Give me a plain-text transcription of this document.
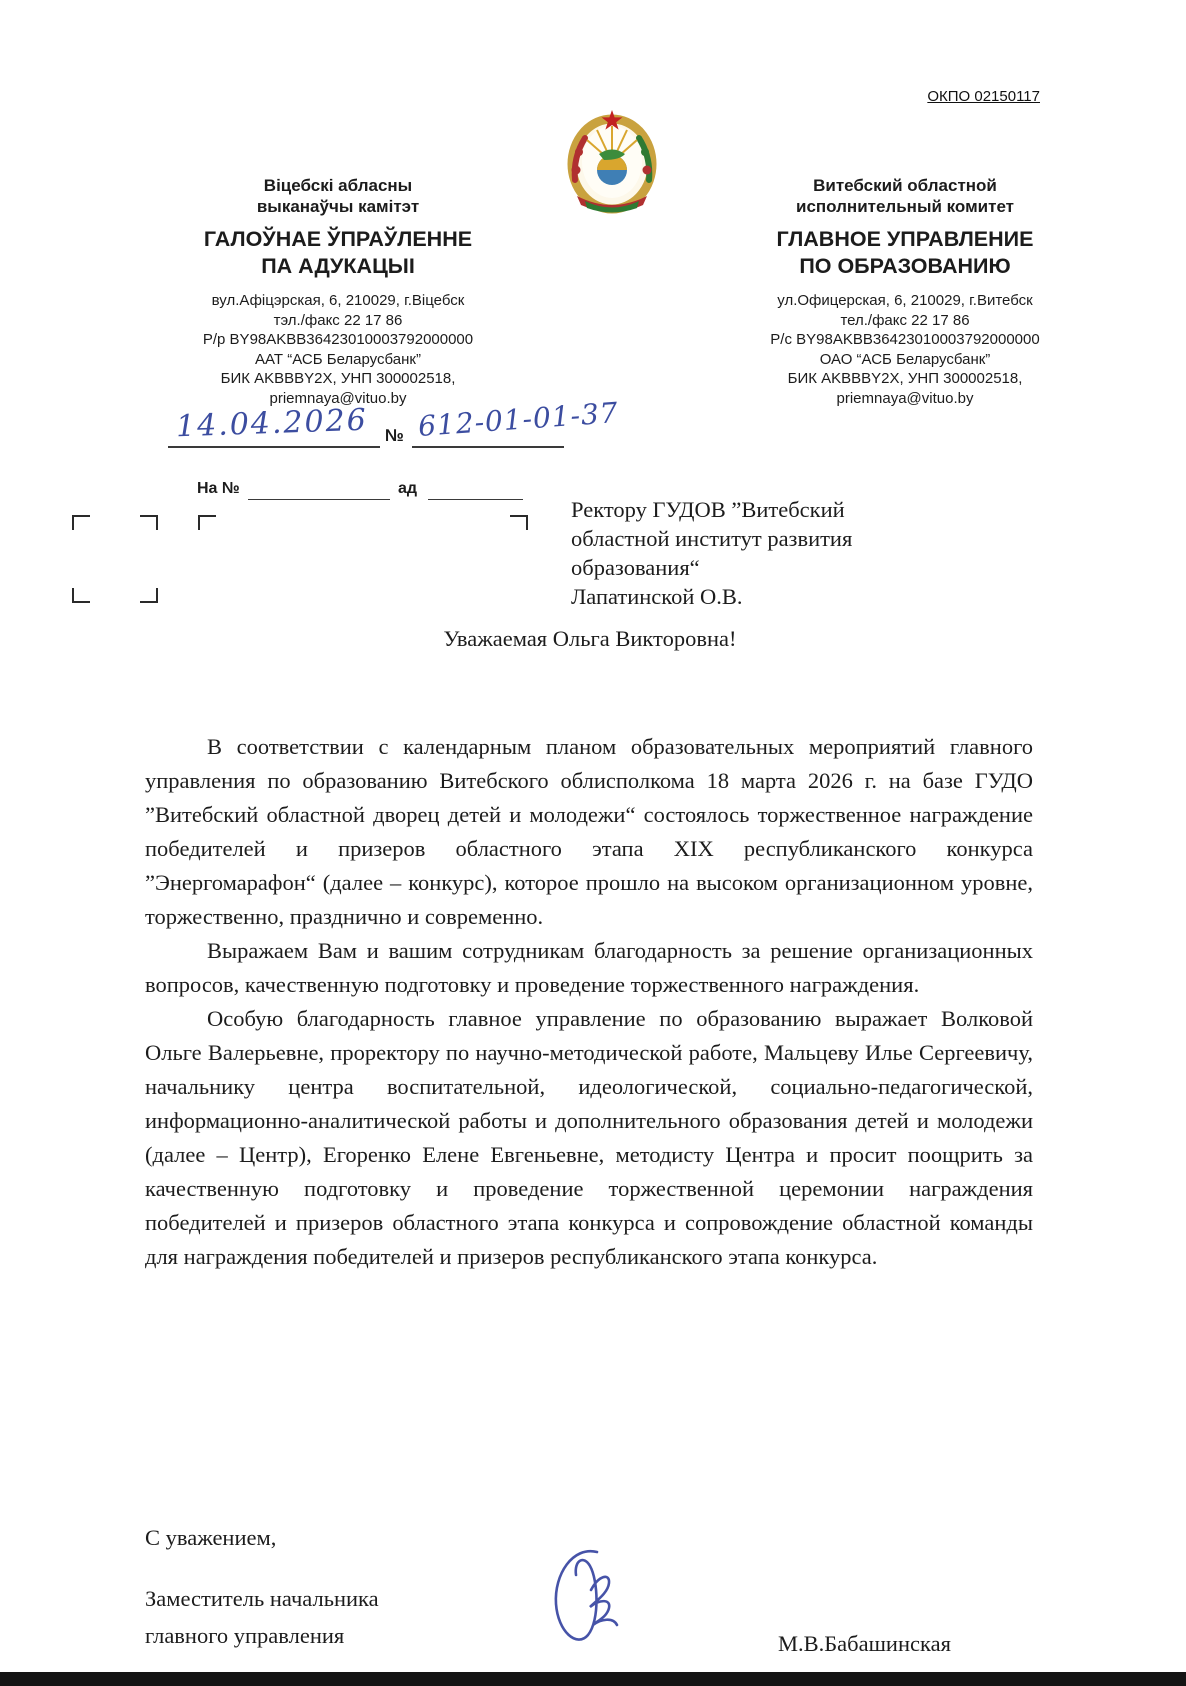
ОКПО 02150117
Віцебскі абласны
выканаўчы камітэт
ГАЛОЎНАЕ ЎПРАЎЛЕННЕ
ПА АДУКАЦЫІ
вул.Афіцэрская, 6, 210029, г.Віцебск
тэл./факс 22 17 86
Р/р BY98AKBB36423010003792000000
ААТ “АСБ Беларусбанк”
БИК AKBBBY2X, УНП 300002518,
priemnaya@vituo.by
Витебский областной
исполнительный комитет
ГЛАВНОЕ УПРАВЛЕНИЕ
ПО ОБРАЗОВАНИЮ
ул.Офицерская, 6, 210029, г.Витебск
тел./факс 22 17 86
Р/с BY98AKBB36423010003792000000
ОАО “АСБ Беларусбанк”
БИК AKBBBY2X, УНП 300002518,
priemnaya@vituo.by
14.04.2026 № 612-01-01-37
На №	ад
Ректору ГУДОВ ”Витебский областной институт развития образования“
Лапатинской О.В.
Уважаемая Ольга Викторовна!

В соответствии с календарным планом образовательных мероприятий главного управления по образованию Витебского облисполкома 18 марта 2026 г. на базе ГУДО ”Витебский областной дворец детей и молодежи“ состоялось торжественное награждение победителей и призеров областного этапа XIX республиканского конкурса ”Энергомарафон“ (далее – конкурс), которое прошло на высоком организационном уровне, торжественно, празднично и современно.

Выражаем Вам и вашим сотрудникам благодарность за решение организационных вопросов, качественную подготовку и проведение торжественного награждения.

Особую благодарность главное управление по образованию выражает Волковой Ольге Валерьевне, проректору по научно-методической работе, Мальцеву Илье Сергеевичу, начальнику центра воспитательной, идеологической, социально-педагогической, информационно-аналитической работы и дополнительного образования детей и молодежи (далее – Центр), Егоренко Елене Евгеньевне, методисту Центра и просит поощрить за качественную подготовку и проведение торжественной церемонии награждения победителей и призеров областного этапа конкурса и сопровождение областной команды для награждения победителей и призеров республиканского этапа конкурса.

С уважением,
Заместитель начальника
главного управления	М.В.Бабашинская
